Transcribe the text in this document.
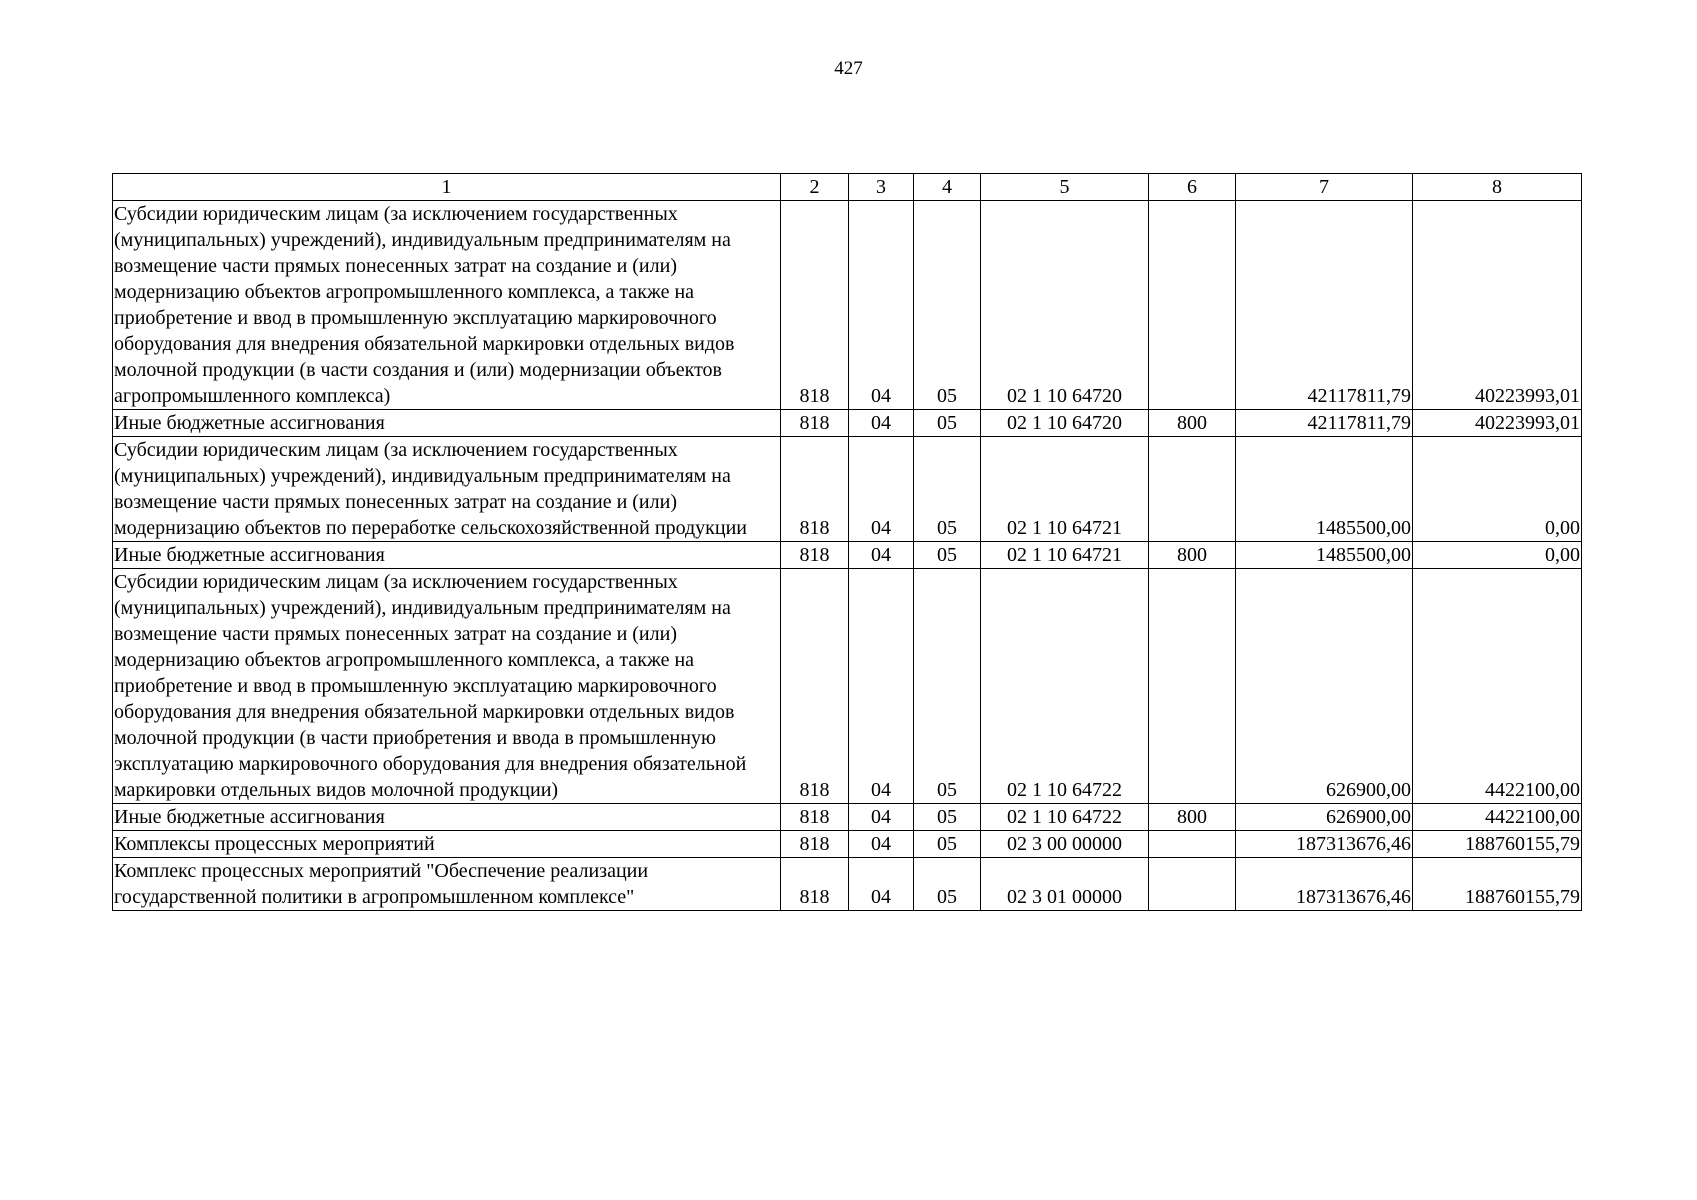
427
1	2	3	4	5	6	7	8
Субсидии юридическим лицам (за исключением государственных (муниципальных) учреждений), индивидуальным предпринимателям на возмещение части прямых понесенных затрат на создание и (или) модернизацию объектов агропромышленного комплекса, а также на приобретение и ввод в промышленную эксплуатацию маркировочного оборудования для внедрения обязательной маркировки отдельных видов молочной продукции (в части создания и (или) модернизации объектов агропромышленного комплекса)	818	04	05	02 1 10 64720		42117811,79	40223993,01
Иные бюджетные ассигнования	818	04	05	02 1 10 64720	800	42117811,79	40223993,01
Субсидии юридическим лицам (за исключением государственных (муниципальных) учреждений), индивидуальным предпринимателям на возмещение части прямых понесенных затрат на создание и (или) модернизацию объектов по переработке сельскохозяйственной продукции	818	04	05	02 1 10 64721		1485500,00	0,00
Иные бюджетные ассигнования	818	04	05	02 1 10 64721	800	1485500,00	0,00
Субсидии юридическим лицам (за исключением государственных (муниципальных) учреждений), индивидуальным предпринимателям на возмещение части прямых понесенных затрат на создание и (или) модернизацию объектов агропромышленного комплекса, а также на приобретение и ввод в промышленную эксплуатацию маркировочного оборудования для внедрения обязательной маркировки отдельных видов молочной продукции (в части приобретения и ввода в промышленную эксплуатацию маркировочного оборудования для внедрения обязательной маркировки отдельных видов молочной продукции)	818	04	05	02 1 10 64722		626900,00	4422100,00
Иные бюджетные ассигнования	818	04	05	02 1 10 64722	800	626900,00	4422100,00
Комплексы процессных мероприятий	818	04	05	02 3 00 00000		187313676,46	188760155,79
Комплекс процессных мероприятий "Обеспечение реализации государственной политики в агропромышленном комплексе"	818	04	05	02 3 01 00000		187313676,46	188760155,79
